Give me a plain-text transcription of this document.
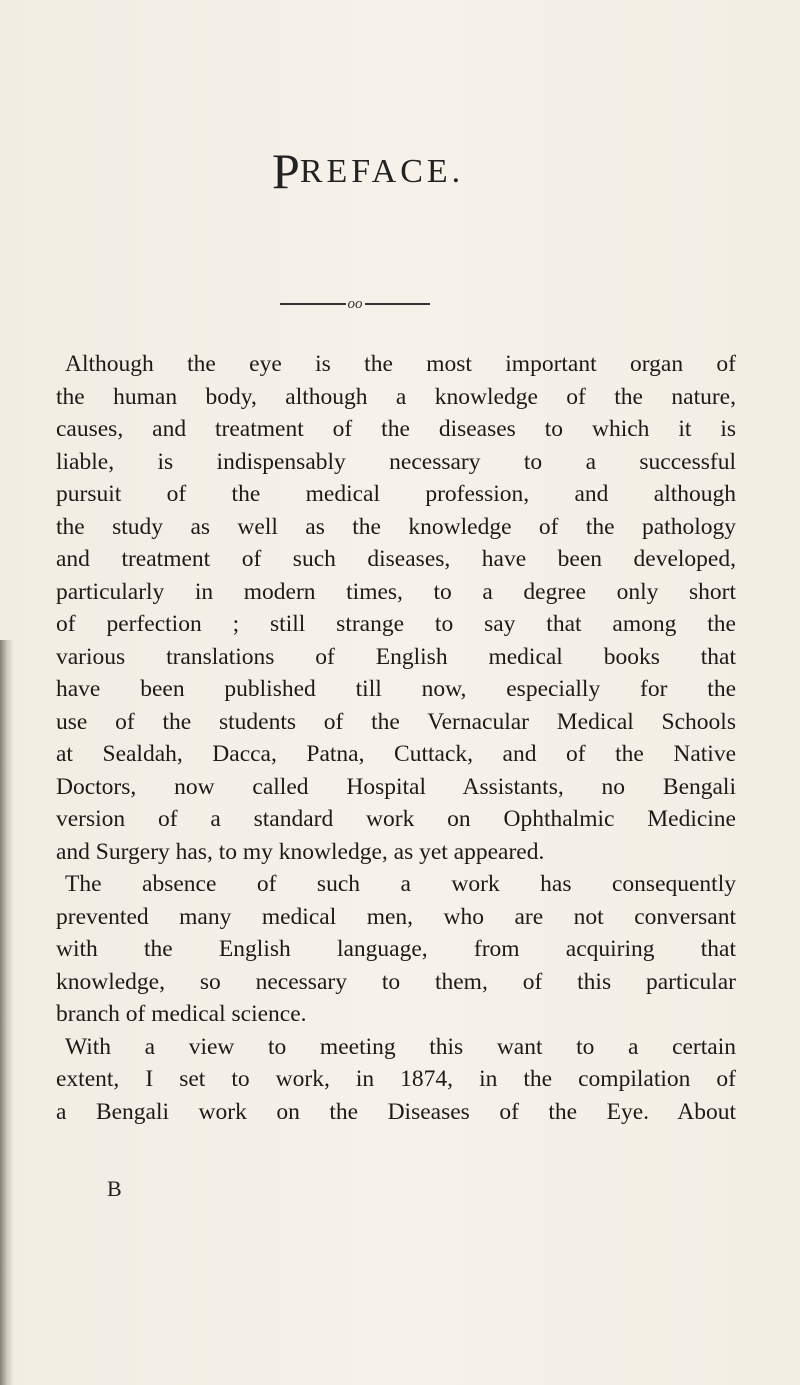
PREFACE.
oo
Although the eye is the most important organ of
the human body, although a knowledge of the nature,
causes, and treatment of the diseases to which it is
liable, is indispensably necessary to a successful
pursuit of the medical profession, and although
the study as well as the knowledge of the pathology
and treatment of such diseases, have been developed,
particularly in modern times, to a degree only short
of perfection ; still strange to say that among the
various translations of English medical books that
have been published till now, especially for the
use of the students of the Vernacular Medical Schools
at Sealdah, Dacca, Patna, Cuttack, and of the Native
Doctors, now called Hospital Assistants, no Bengali
version of a standard work on Ophthalmic Medicine
and Surgery has, to my knowledge, as yet appeared.
The absence of such a work has consequently
prevented many medical men, who are not conversant
with the English language, from acquiring that
knowledge, so necessary to them, of this particular
branch of medical science.
With a view to meeting this want to a certain
extent, I set to work, in 1874, in the compilation of
a Bengali work on the Diseases of the Eye. About
B
